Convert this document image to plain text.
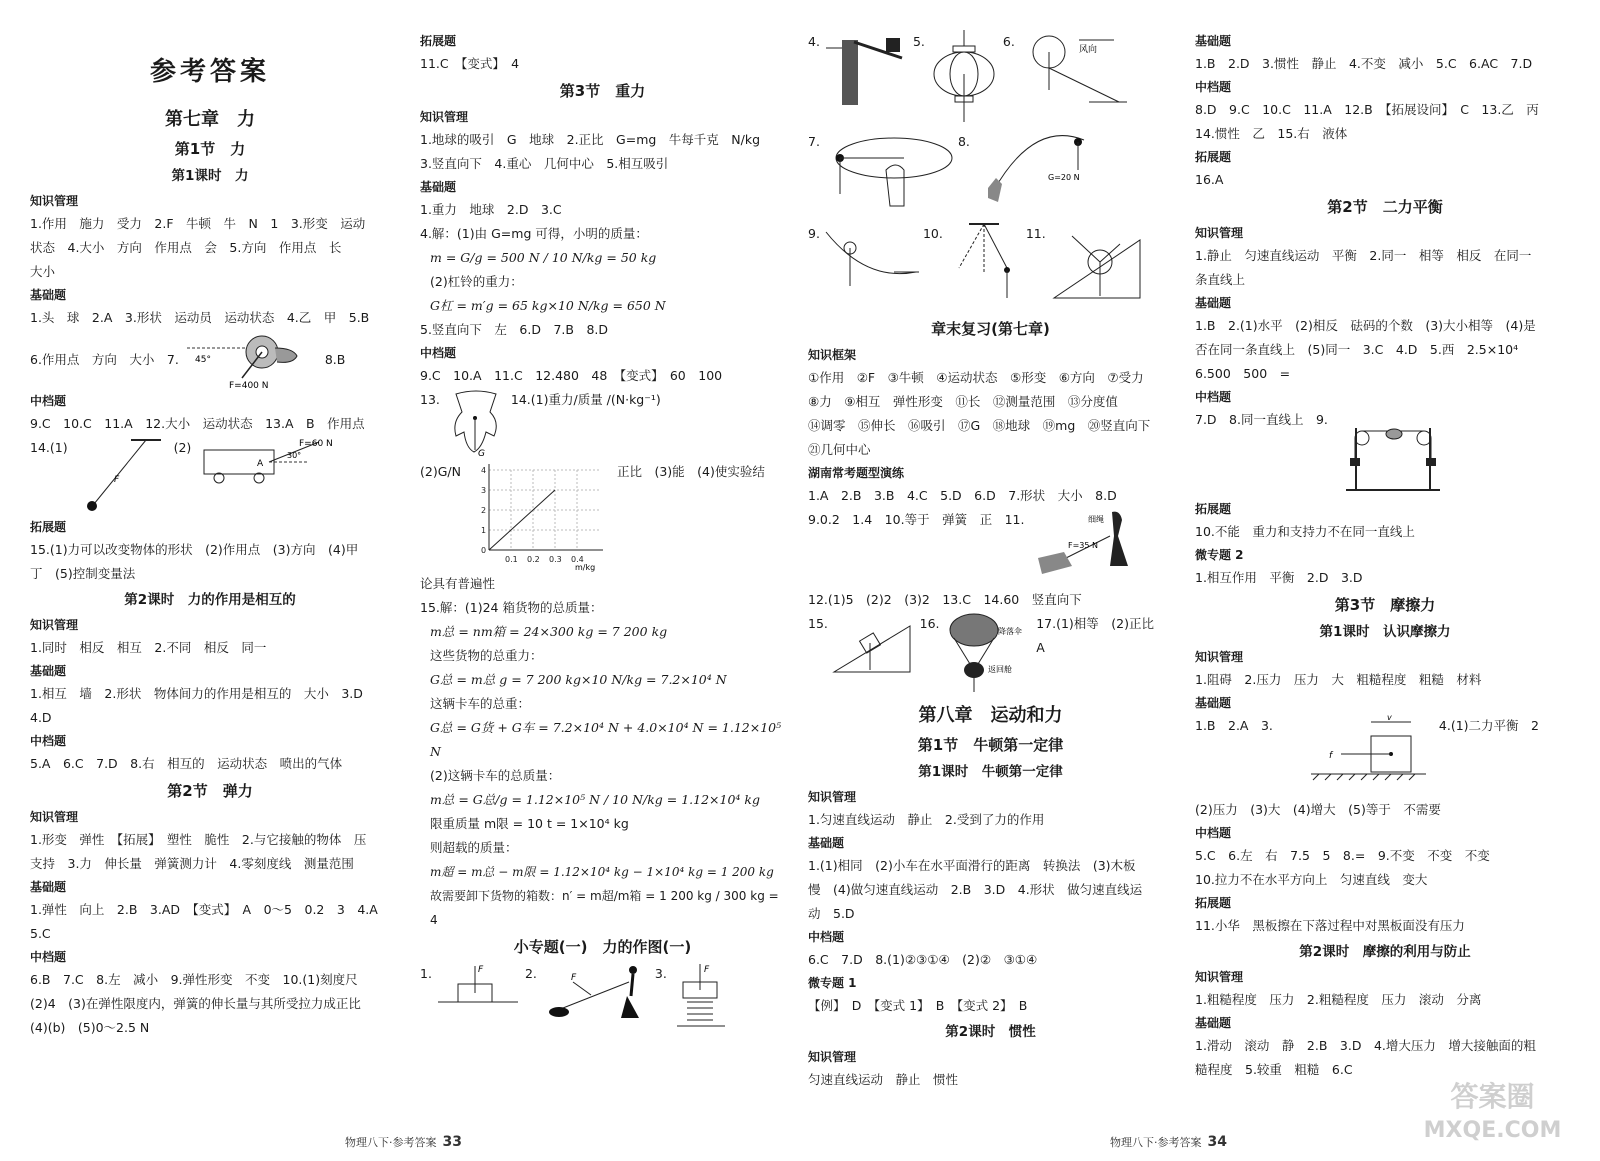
参考答案
第七章　力
第1节　力
第1课时　力
知识管理
1.作用　施力　受力　2.F　牛顿　牛　N　1　3.形变　运动
状态　4.大小　方向　作用点　会　5.方向　作用点　长
大小
基础题
1.头　球　2.A　3.形状　运动员　运动状态　4.乙　甲　5.B
6.作用点　方向　大小　7. 45°
F=400 N
8.B
中档题
9.C　10.C　11.A　12.大小　运动状态　13.A　B　作用点
14.(1)
F
(2)
A
30°
F=60 N
拓展题
15.(1)力可以改变物体的形状　(2)作用点　(3)方向　(4)甲
丁　(5)控制变量法
第2课时　力的作用是相互的
知识管理
1.同时　相反　相互　2.不同　相反　同一
基础题
1.相互　墙　2.形状　物体间力的作用是相互的　大小　3.D
4.D
中档题
5.A　6.C　7.D　8.右　相互的　运动状态　喷出的气体
第2节　弹力
知识管理
1.形变　弹性　【拓展】　塑性　脆性　2.与它接触的物体　压
支持　3.力　伸长量　弹簧测力计　4.零刻度线　测量范围
基础题
1.弹性　向上　2.B　3.AD　【变式】　A　0～5　0.2　3　4.A
5.C
中档题
6.B　7.C　8.左　减小　9.弹性形变　不变　10.(1)刻度尺
(2)4　(3)在弹性限度内，弹簧的伸长量与其所受拉力成正比
(4)(b)　(5)0～2.5 N
拓展题
11.C　【变式】　4
第3节　重力
知识管理
1.地球的吸引　G　地球　2.正比　G=mg　牛每千克　N/kg
3.竖直向下　4.重心　几何中心　5.相互吸引
基础题
1.重力　地球　2.D　3.C
4.解：(1)由 G=mg 可得，小明的质量：
m = G/g = 500 N / 10 N/kg = 50 kg
(2)杠铃的重力：
G杠 = m′g = 65 kg×10 N/kg = 650 N
5.竖直向下　左　6.D　7.B　8.D
中档题
9.C　10.A　11.C　12.480　48　【变式】　60　100
13.
G
14.(1)重力/质量 /(N·kg⁻¹)
(2)G/N
0
1
2
3
4
0.1 0.2 0.3 0.4
m/kg
正比　(3)能　(4)使实验结
论具有普遍性
15.解：(1)24 箱货物的总质量：
m总 = nm箱 = 24×300 kg = 7 200 kg
这些货物的总重力：
G总 = m总 g = 7 200 kg×10 N/kg = 7.2×10⁴ N
这辆卡车的总重：
G总 = G货 + G车 = 7.2×10⁴ N + 4.0×10⁴ N = 1.12×10⁵ N
(2)这辆卡车的总质量：
m总 = G总/g = 1.12×10⁵ N / 10 N/kg = 1.12×10⁴ kg
限重质量 m限 = 10 t = 1×10⁴ kg
则超载的质量：
m超 = m总 − m限 = 1.12×10⁴ kg − 1×10⁴ kg = 1 200 kg
故需要卸下货物的箱数：n′ = m超/m箱 = 1 200 kg / 300 kg = 4
小专题(一)　力的作图(一)
1.	F	2.	F	3.	F
4.	5.	6.
风向
7.	8.
G=20 N
9.	10.	11.
章末复习(第七章)
知识框架
①作用　②F　③牛顿　④运动状态　⑤形变　⑥方向　⑦受力
⑧力　⑨相互　弹性形变　⑪长　⑫测量范围　⑬分度值
⑭调零　⑮伸长　⑯吸引　⑰G　⑱地球　⑲mg　⑳竖直向下
㉑几何中心
湖南常考题型演练
1.A　2.B　3.B　4.C　5.D　6.D　7.形状　大小　8.D
9.0.2　1.4　10.等于　弹簧　正　11.	细绳
F=35 N
12.(1)5　(2)2　(3)2　13.C　14.60　竖直向下
15.	16.
降落伞
返回舱
17.(1)相等　(2)正比　A
第八章　运动和力
第1节　牛顿第一定律
第1课时　牛顿第一定律
知识管理
1.匀速直线运动　静止　2.受到了力的作用
基础题
1.(1)相同　(2)小车在水平面滑行的距离　转换法　(3)木板
慢　(4)做匀速直线运动　2.B　3.D　4.形状　做匀速直线运
动　5.D
中档题
6.C　7.D　8.(1)②③①④　(2)②　③①④
微专题 1
【例】　D　【变式 1】　B　【变式 2】　B
第2课时　惯性
知识管理
匀速直线运动　静止　惯性
基础题
1.B　2.D　3.惯性　静止　4.不变　减小　5.C　6.AC　7.D
中档题
8.D　9.C　10.C　11.A　12.B　【拓展设问】　C　13.乙　丙
14.惯性　乙　15.右　液体
拓展题
16.A
第2节　二力平衡
知识管理
1.静止　匀速直线运动　平衡　2.同一　相等　相反　在同一
条直线上
基础题
1.B　2.(1)水平　(2)相反　砝码的个数　(3)大小相等　(4)是
否在同一条直线上　(5)同一　3.C　4.D　5.西　2.5×10⁴
6.500　500　=
中档题
7.D　8.同一直线上　9.
拓展题
10.不能　重力和支持力不在同一直线上
微专题 2
1.相互作用　平衡　2.D　3.D
第3节　摩擦力
第1课时　认识摩擦力
知识管理
1.阻碍　2.压力　压力　大　粗糙程度　粗糙　材料
基础题
1.B　2.A　3.
v
f
4.(1)二力平衡　2
(2)压力　(3)大　(4)增大　(5)等于　不需要
中档题
5.C　6.左　右　7.5　5　8.=　9.不变　不变　不变
10.拉力不在水平方向上　匀速直线　变大
拓展题
11.小华　黑板擦在下落过程中对黑板面没有压力
第2课时　摩擦的利用与防止
知识管理
1.粗糙程度　压力　2.粗糙程度　压力　滚动　分离
基础题
1.滑动　滚动　静　2.B　3.D　4.增大压力　增大接触面的粗
糙程度　5.较重　粗糙　6.C
物理八下·参考答案 33	物理八下·参考答案 34
答案圈
MXQE.COM
